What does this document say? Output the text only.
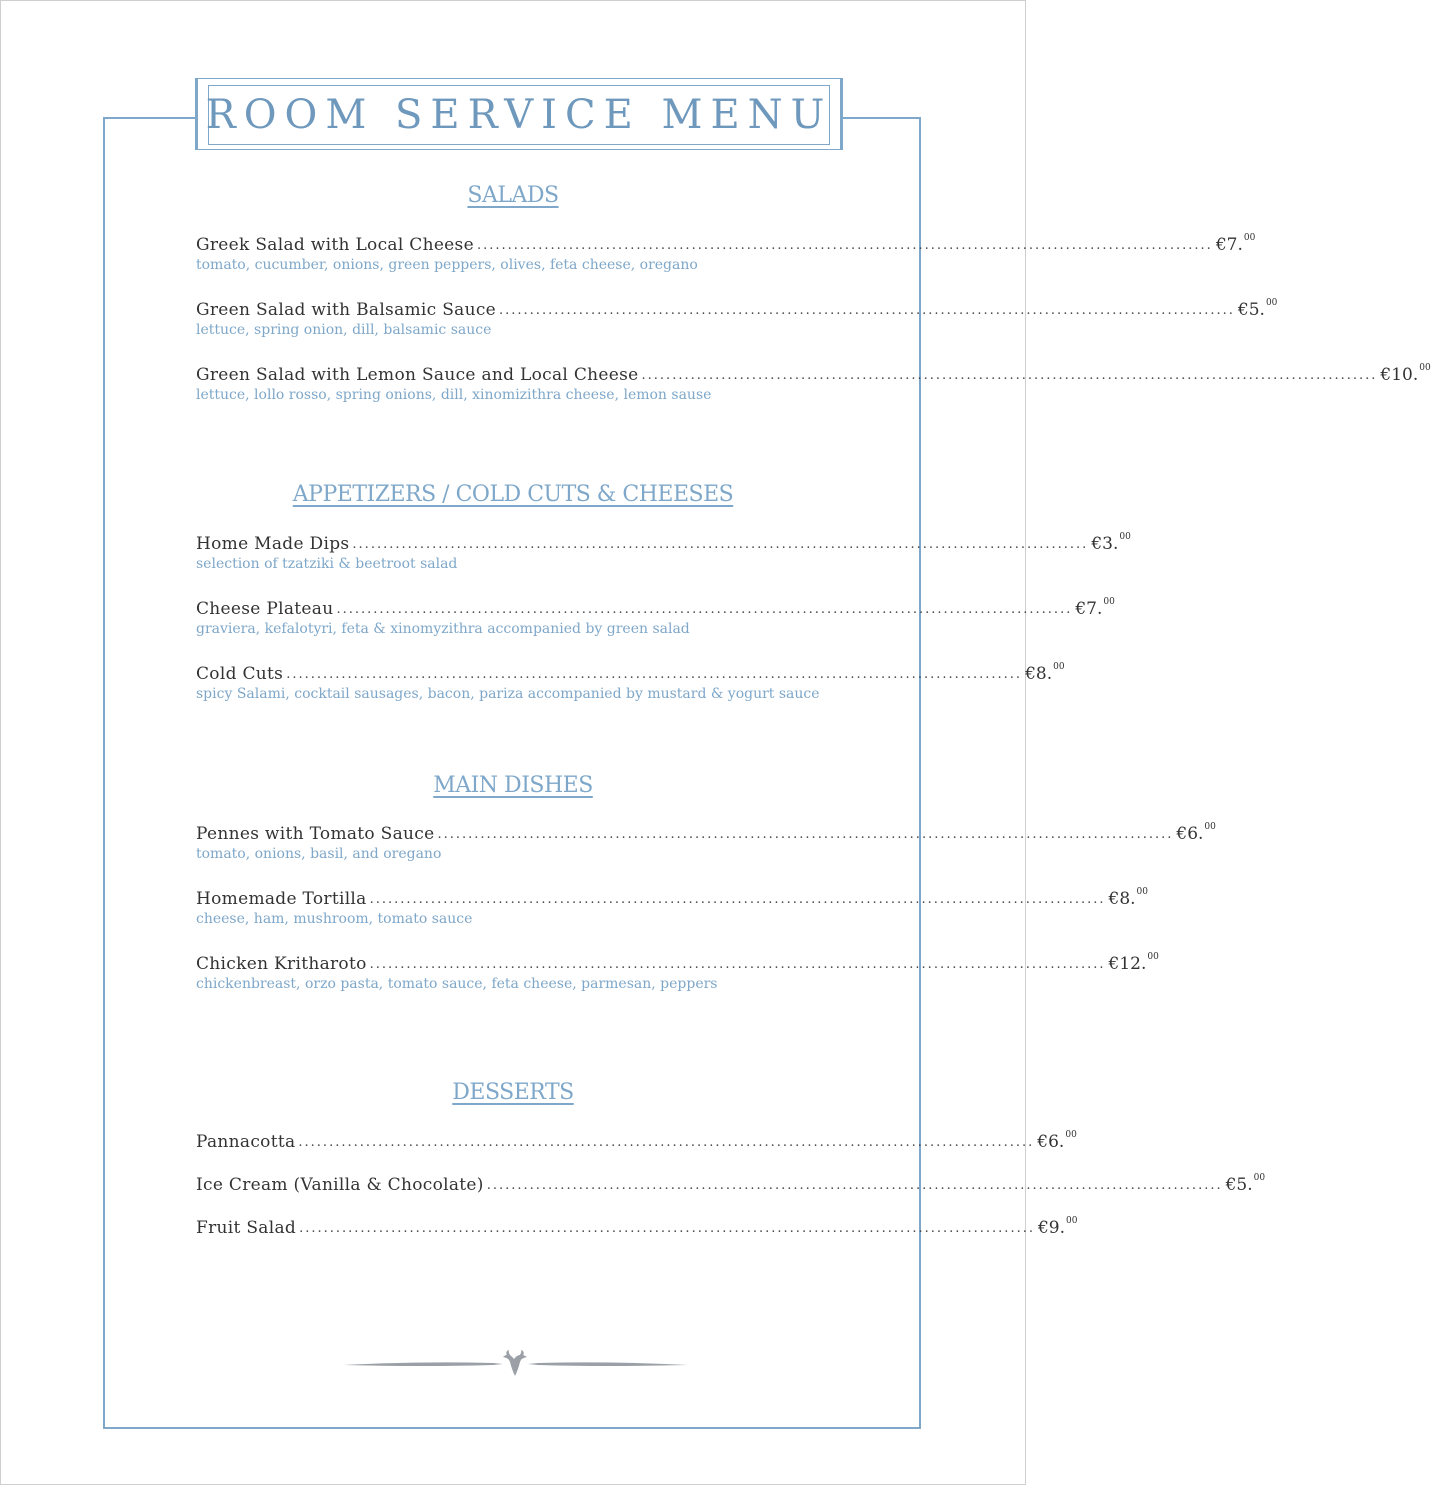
ROOM SERVICE MENU
SALADS
Greek Salad with Local Cheese ........................................................................................................................ €7.00
tomato, cucumber, onions, green peppers, olives, feta cheese, oregano
Green Salad with Balsamic Sauce ........................................................................................................................ €5.00
lettuce, spring onion, dill, balsamic sauce
Green Salad with Lemon Sauce and Local Cheese ........................................................................................................................ €10.00
lettuce, lollo rosso, spring onions, dill, xinomizithra cheese, lemon sause
APPETIZERS / COLD CUTS & CHEESES
Home Made Dips ........................................................................................................................ €3.00
selection of tzatziki & beetroot salad
Cheese Plateau ........................................................................................................................ €7.00
graviera, kefalotyri, feta & xinomyzithra accompanied by green salad
Cold Cuts ........................................................................................................................ €8.00
spicy Salami, cocktail sausages, bacon, pariza accompanied by mustard & yogurt sauce
MAIN DISHES
Pennes with Tomato Sauce ........................................................................................................................ €6.00
tomato, onions, basil, and oregano
Homemade Tortilla ........................................................................................................................ €8.00
cheese, ham, mushroom, tomato sauce
Chicken Kritharoto ........................................................................................................................ €12.00
chickenbreast, orzo pasta, tomato sauce, feta cheese, parmesan, peppers
DESSERTS
Pannacotta ........................................................................................................................ €6.00
Ice Cream (Vanilla & Chocolate) ........................................................................................................................ €5.00
Fruit Salad ........................................................................................................................ €9.00
